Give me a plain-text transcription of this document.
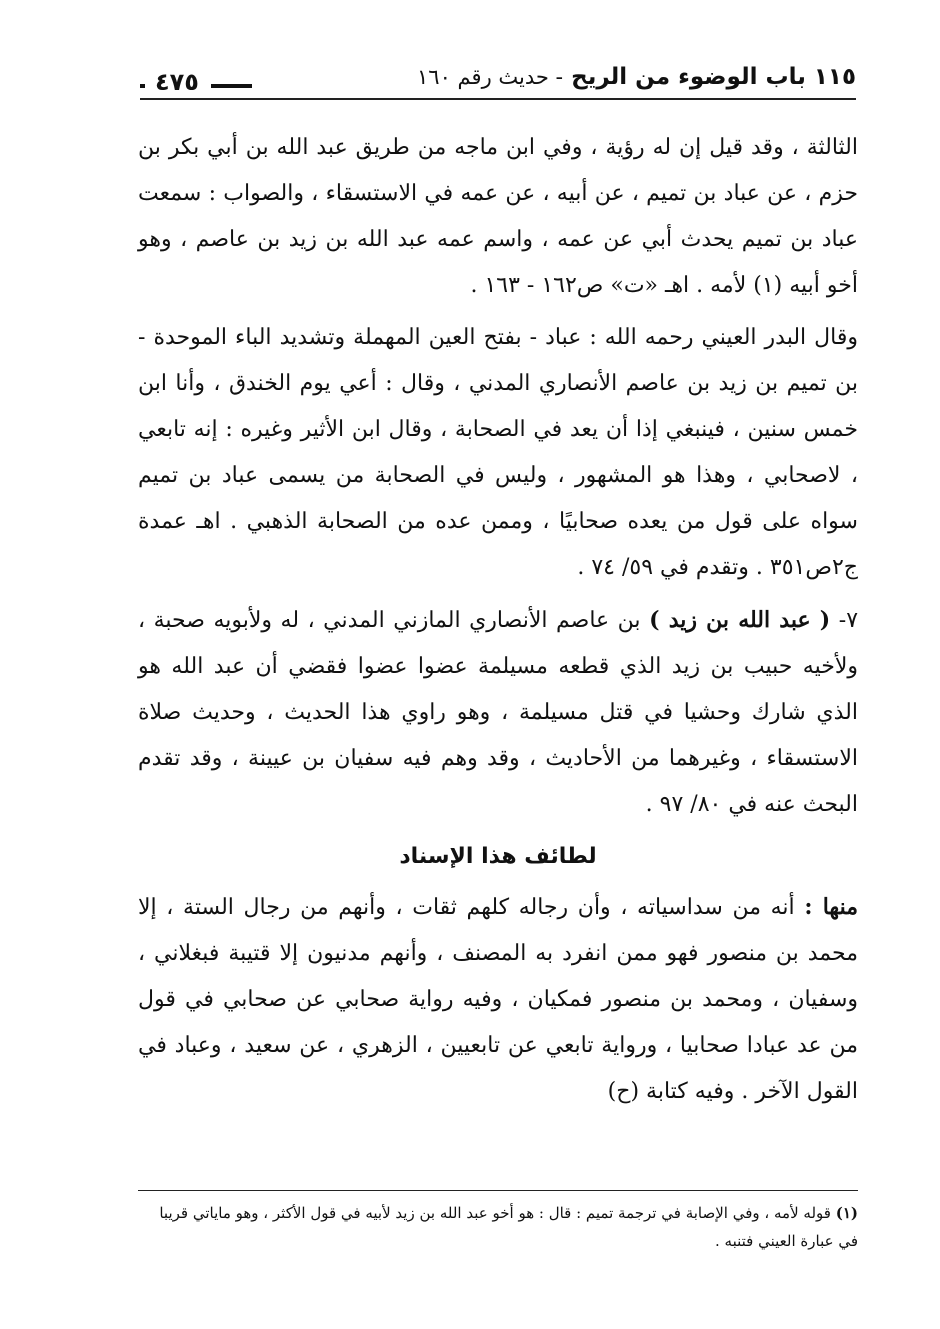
١١٥ باب الوضوء من الريح - حديث رقم ١٦٠
٤٧٥

الثالثة ، وقد قيل إن له رؤية ، وفي ابن ماجه من طريق عبد الله بن أبي بكر بن حزم ، عن عباد بن تميم ، عن أبيه ، عن عمه في الاستسقاء ، والصواب : سمعت عباد بن تميم يحدث أبي عن عمه ، واسم عمه عبد الله بن زيد بن عاصم ، وهو أخو أبيه (١) لأمه . اهـ «ت» ص١٦٢ - ١٦٣ .

وقال البدر العيني رحمه الله : عباد - بفتح العين المهملة وتشديد الباء الموحدة - بن تميم بن زيد بن عاصم الأنصاري المدني ، وقال : أعي يوم الخندق ، وأنا ابن خمس سنين ، فينبغي إذا أن يعد في الصحابة ، وقال ابن الأثير وغيره : إنه تابعي ، لاصحابي ، وهذا هو المشهور ، وليس في الصحابة من يسمى عباد بن تميم سواه على قول من يعده صحابيًا ، وممن عده من الصحابة الذهبي . اهـ عمدة ج٢ص٣٥١ . وتقدم في ٥٩/ ٧٤ .

٧- ( عبد الله بن زيد ) بن عاصم الأنصاري المازني المدني ، له ولأبويه صحبة ، ولأخيه حبيب بن زيد الذي قطعه مسيلمة عضوا عضوا فقضي أن عبد الله هو الذي شارك وحشيا في قتل مسيلمة ، وهو راوي هذا الحديث ، وحديث صلاة الاستسقاء ، وغيرهما من الأحاديث ، وقد وهم فيه سفيان بن عيينة ، وقد تقدم البحث عنه في ٨٠/ ٩٧ .

لطائف هذا الإسناد

منها : أنه من سداسياته ، وأن رجاله كلهم ثقات ، وأنهم من رجال الستة ، إلا محمد بن منصور فهو ممن انفرد به المصنف ، وأنهم مدنيون إلا قتيبة فبغلاني ، وسفيان ، ومحمد بن منصور فمكيان ، وفيه رواية صحابي عن صحابي في قول من عد عبادا صحابيا ، ورواية تابعي عن تابعيين ، الزهري ، عن سعيد ، وعباد في القول الآخر . وفيه كتابة (ح)

(١) قوله لأمه ، وفي الإصابة في ترجمة تميم : قال : هو أخو عبد الله بن زيد لأبيه في قول الأكثر ، وهو ماياتي قريبا في عبارة العيني فتنبه .
